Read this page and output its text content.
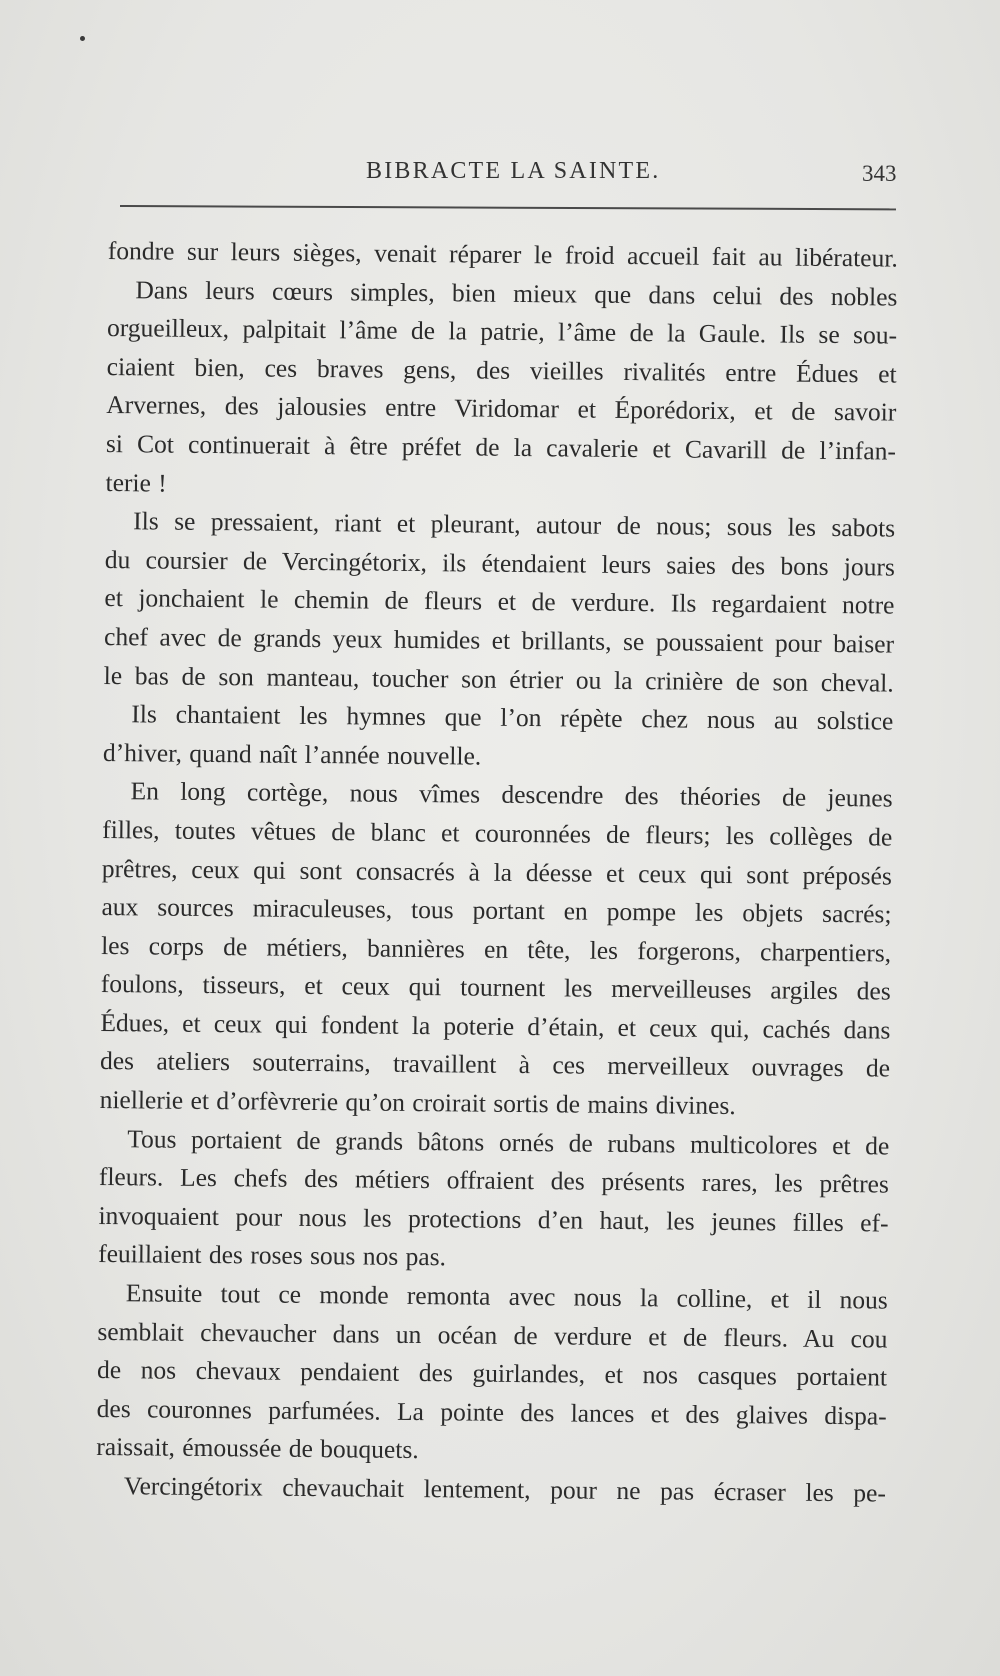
BIBRACTE LA SAINTE.	343
fondre sur leurs sièges, venait réparer le froid accueil fait au libérateur.
Dans leurs cœurs simples, bien mieux que dans celui des nobles
orgueilleux, palpitait l’âme de la patrie, l’âme de la Gaule. Ils se sou-
ciaient bien, ces braves gens, des vieilles rivalités entre Édues et
Arvernes, des jalousies entre Viridomar et Éporédorix, et de savoir
si Cot continuerait à être préfet de la cavalerie et Cavarill de l’infan-
terie !
Ils se pressaient, riant et pleurant, autour de nous; sous les sabots
du coursier de Vercingétorix, ils étendaient leurs saies des bons jours
et jonchaient le chemin de fleurs et de verdure. Ils regardaient notre
chef avec de grands yeux humides et brillants, se poussaient pour baiser
le bas de son manteau, toucher son étrier ou la crinière de son cheval.
Ils chantaient les hymnes que l’on répète chez nous au solstice
d’hiver, quand naît l’année nouvelle.
En long cortège, nous vîmes descendre des théories de jeunes
filles, toutes vêtues de blanc et couronnées de fleurs; les collèges de
prêtres, ceux qui sont consacrés à la déesse et ceux qui sont préposés
aux sources miraculeuses, tous portant en pompe les objets sacrés;
les corps de métiers, bannières en tête, les forgerons, charpentiers,
foulons, tisseurs, et ceux qui tournent les merveilleuses argiles des
Édues, et ceux qui fondent la poterie d’étain, et ceux qui, cachés dans
des ateliers souterrains, travaillent à ces merveilleux ouvrages de
niellerie et d’orfèvrerie qu’on croirait sortis de mains divines.
Tous portaient de grands bâtons ornés de rubans multicolores et de
fleurs. Les chefs des métiers offraient des présents rares, les prêtres
invoquaient pour nous les protections d’en haut, les jeunes filles ef-
feuillaient des roses sous nos pas.
Ensuite tout ce monde remonta avec nous la colline, et il nous
semblait chevaucher dans un océan de verdure et de fleurs. Au cou
de nos chevaux pendaient des guirlandes, et nos casques portaient
des couronnes parfumées. La pointe des lances et des glaives dispa-
raissait, émoussée de bouquets.
Vercingétorix chevauchait lentement, pour ne pas écraser les pe-
